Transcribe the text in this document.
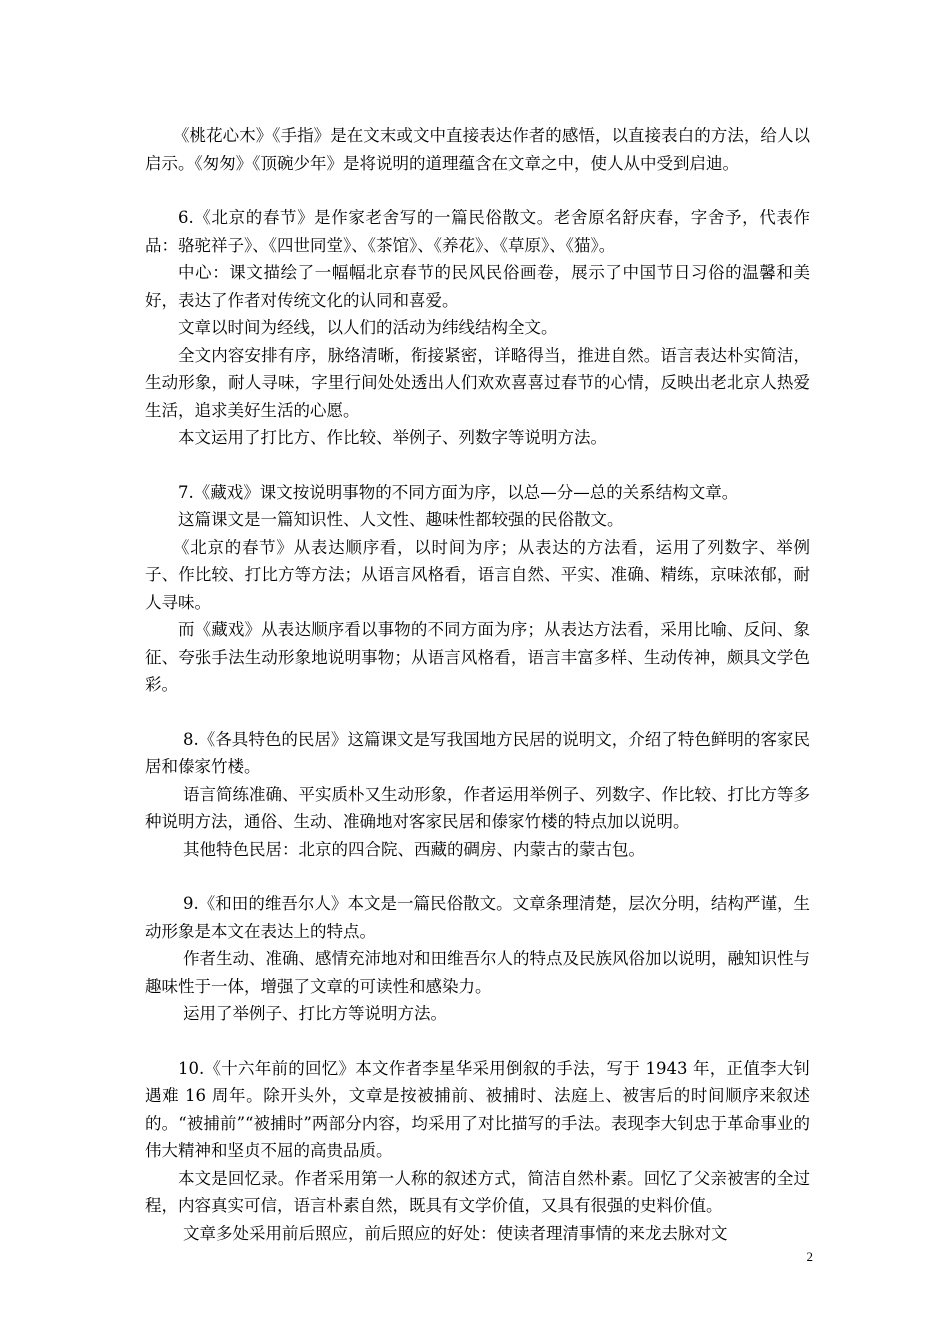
《桃花心木》《手指》是在文末或文中直接表达作者的感悟，以直接表白的方法，给人以启示。《匆匆》《顶碗少年》是将说明的道理蕴含在文章之中，使人从中受到启迪。

6.《北京的春节》是作家老舍写的一篇民俗散文。老舍原名舒庆春，字舍予，代表作品：骆驼祥子》、《四世同堂》、《茶馆》、《养花》、《草原》、《猫》。

中心：课文描绘了一幅幅北京春节的民风民俗画卷，展示了中国节日习俗的温馨和美好，表达了作者对传统文化的认同和喜爱。

文章以时间为经线，以人们的活动为纬线结构全文。

全文内容安排有序，脉络清晰，衔接紧密，详略得当，推进自然。语言表达朴实简洁，生动形象，耐人寻味，字里行间处处透出人们欢欢喜喜过春节的心情，反映出老北京人热爱生活，追求美好生活的心愿。

本文运用了打比方、作比较、举例子、列数字等说明方法。

7.《藏戏》课文按说明事物的不同方面为序，以总—分—总的关系结构文章。

这篇课文是一篇知识性、人文性、趣味性都较强的民俗散文。

《北京的春节》从表达顺序看，以时间为序；从表达的方法看，运用了列数字、举例子、作比较、打比方等方法；从语言风格看，语言自然、平实、准确、精练，京味浓郁，耐人寻味。

而《藏戏》从表达顺序看以事物的不同方面为序；从表达方法看，采用比喻、反问、象征、夸张手法生动形象地说明事物；从语言风格看，语言丰富多样、生动传神，颇具文学色彩。

8.《各具特色的民居》这篇课文是写我国地方民居的说明文，介绍了特色鲜明的客家民居和傣家竹楼。

语言简练准确、平实质朴又生动形象，作者运用举例子、列数字、作比较、打比方等多种说明方法，通俗、生动、准确地对客家民居和傣家竹楼的特点加以说明。

其他特色民居：北京的四合院、西藏的碉房、内蒙古的蒙古包。

9.《和田的维吾尔人》本文是一篇民俗散文。文章条理清楚，层次分明，结构严谨，生动形象是本文在表达上的特点。

作者生动、准确、感情充沛地对和田维吾尔人的特点及民族风俗加以说明，融知识性与趣味性于一体，增强了文章的可读性和感染力。

运用了举例子、打比方等说明方法。

10.《十六年前的回忆》本文作者李星华采用倒叙的手法，写于 1943 年，正值李大钊遇难 16 周年。除开头外，文章是按被捕前、被捕时、法庭上、被害后的时间顺序来叙述的。“被捕前”“被捕时”两部分内容，均采用了对比描写的手法。表现李大钊忠于革命事业的伟大精神和坚贞不屈的高贵品质。

本文是回忆录。作者采用第一人称的叙述方式，简洁自然朴素。回忆了父亲被害的全过程，内容真实可信，语言朴素自然，既具有文学价值，又具有很强的史料价值。

文章多处采用前后照应，前后照应的好处：使读者理清事情的来龙去脉对文

2
